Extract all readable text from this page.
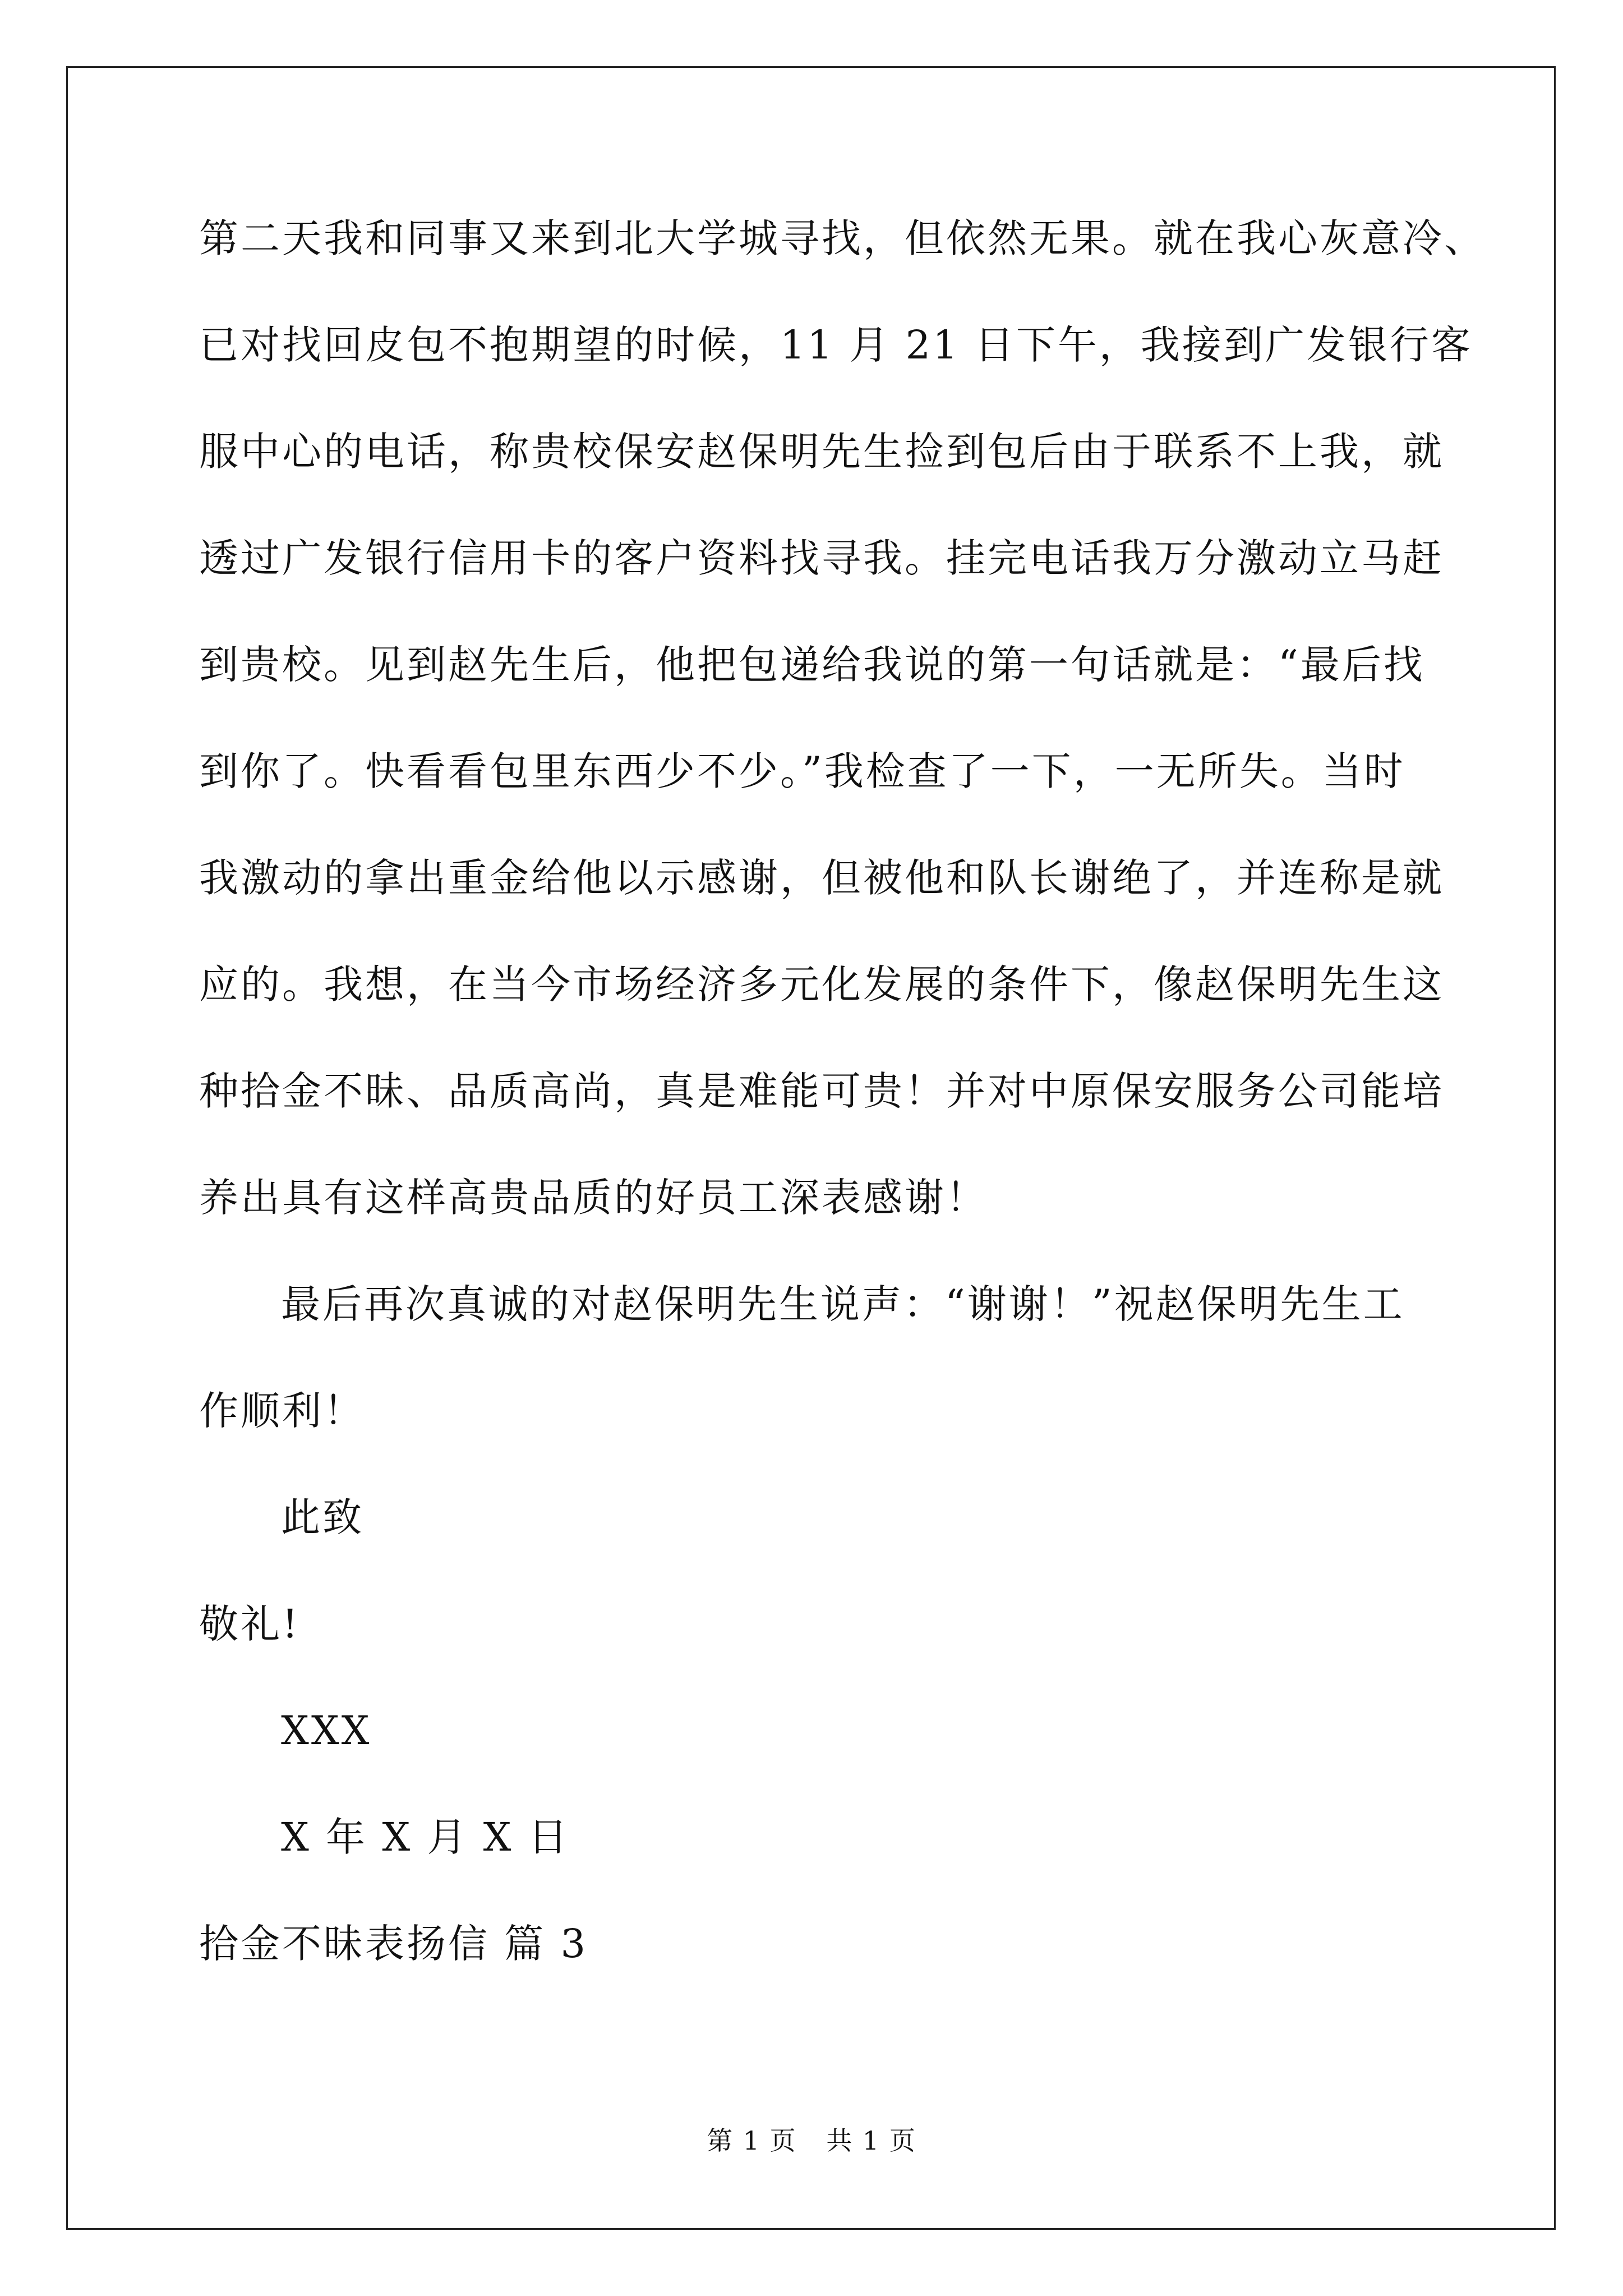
第二天我和同事又来到北大学城寻找，但依然无果。就在我心灰意冷、
已对找回皮包不抱期望的时候，11 月 21 日下午，我接到广发银行客
服中心的电话，称贵校保安赵保明先生捡到包后由于联系不上我，就
透过广发银行信用卡的客户资料找寻我。挂完电话我万分激动立马赶
到贵校。见到赵先生后，他把包递给我说的第一句话就是：“最后找
到你了。快看看包里东西少不少。”我检查了一下，一无所失。当时
我激动的拿出重金给他以示感谢，但被他和队长谢绝了，并连称是就
应的。我想，在当今市场经济多元化发展的条件下，像赵保明先生这
种拾金不昧、品质高尚，真是难能可贵！并对中原保安服务公司能培
养出具有这样高贵品质的好员工深表感谢！

最后再次真诚的对赵保明先生说声：“谢谢！”祝赵保明先生工
作顺利！

此致
敬礼!

XXX
X 年 X 月 X 日

拾金不昧表扬信 篇 3

第 1 页 共 1 页
